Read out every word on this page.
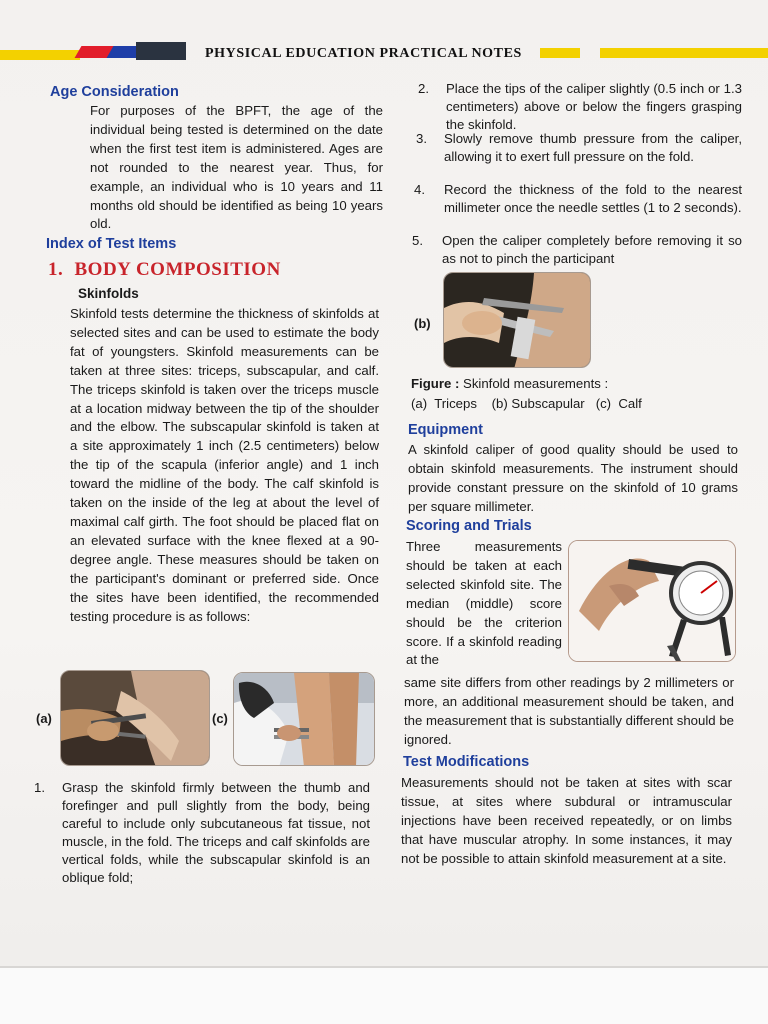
PHYSICAL EDUCATION PRACTICAL NOTES
Age Consideration
For purposes of the BPFT, the age of the individual being tested is determined on the date when the first test item is administered. Ages are not rounded to the nearest year. Thus, for example, an individual who is 10 years and 11 months old should be identified as being 10 years old.
Index of Test Items
1. BODY COMPOSITION
Skinfolds
Skinfold tests determine the thickness of skinfolds at selected sites and can be used to estimate the body fat of youngsters. Skinfold measurements can be taken at three sites: triceps, subscapular, and calf. The triceps skinfold is taken over the triceps muscle at a location midway between the tip of the shoulder and the elbow. The subscapular skinfold is taken at a site approximately 1 inch (2.5 centimeters) below the tip of the scapula (inferior angle) and 1 inch toward the midline of the body. The calf skinfold is taken on the inside of the leg at about the level of maximal calf girth. The foot should be placed flat on an elevated surface with the knee flexed at a 90-degree angle. These measures should be taken on the participant's dominant or preferred side. Once the sites have been identified, the recommended testing procedure is as follows:
(a)	(c)
1. Grasp the skinfold firmly between the thumb and forefinger and pull slightly from the body, being careful to include only subcutaneous fat tissue, not muscle, in the fold. The triceps and calf skinfolds are vertical folds, while the subscapular skinfold is an oblique fold;
2. Place the tips of the caliper slightly (0.5 inch or 1.3 centimeters) above or below the fingers grasping the skinfold.
3. Slowly remove thumb pressure from the caliper, allowing it to exert full pressure on the fold.
4. Record the thickness of the fold to the nearest millimeter once the needle settles (1 to 2 seconds).
5. Open the caliper completely before removing it so as not to pinch the participant
(b)
Figure : Skinfold measurements :
(a)  Triceps    (b) Subscapular   (c)  Calf
Equipment
A skinfold caliper of good quality should be used to obtain skinfold measurements. The instrument should provide constant pressure on the skinfold of 10 grams per square millimeter.
Scoring and Trials
Three measurements should be taken at each selected skinfold site. The median (middle) score should be the criterion score. If a skinfold reading at the
same site differs from other readings by 2 millimeters or more, an additional measurement should be taken, and the measurement that is substantially different should be ignored.
Test Modifications
Measurements should not be taken at sites with scar tissue, at sites where subdural or intramuscular injections have been received repeatedly, or on limbs that have muscular atrophy. In some instances, it may not be possible to attain skinfold measurement at a site.
